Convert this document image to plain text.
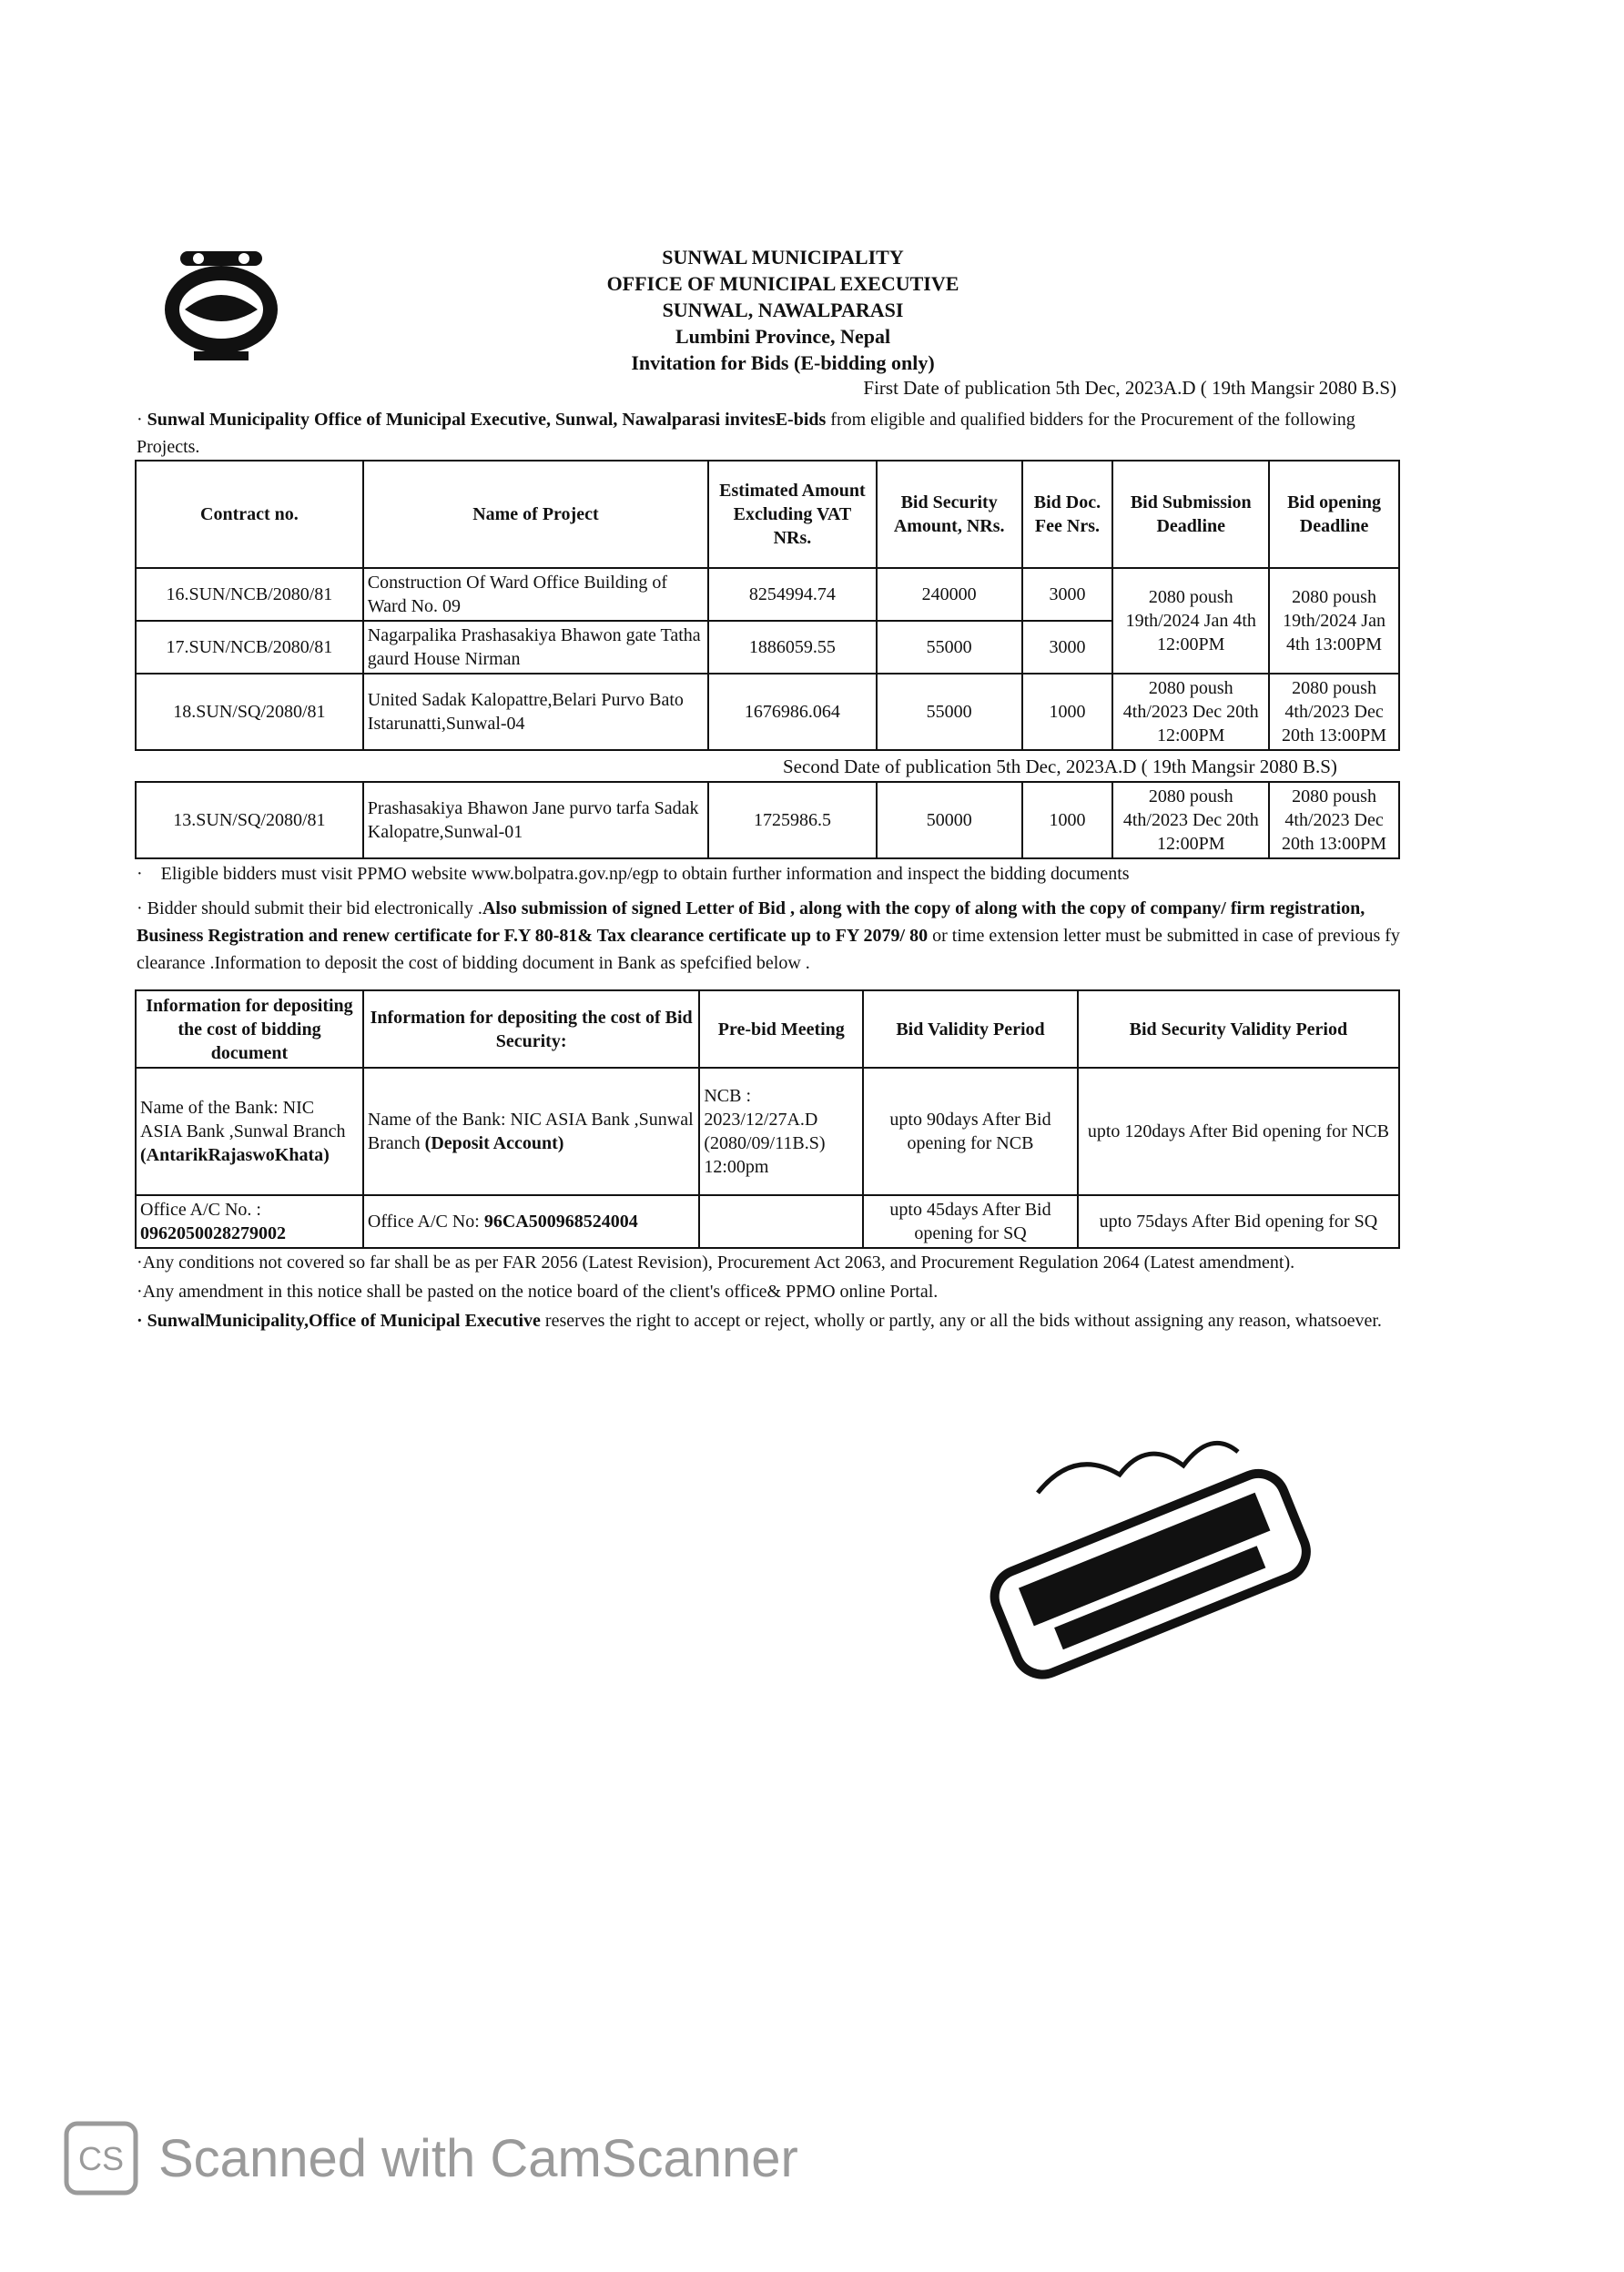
SUNWAL MUNICIPALITY
OFFICE OF MUNICIPAL EXECUTIVE
SUNWAL, NAWALPARASI
Lumbini Province, Nepal
Invitation for Bids (E-bidding only)
First Date of publication 5th Dec, 2023A.D ( 19th Mangsir 2080 B.S)
· Sunwal Municipality Office of Municipal Executive, Sunwal, Nawalparasi invitesE-bids from eligible and qualified bidders for the Procurement of the following Projects.
Contract no.	Name of Project	Estimated Amount Excluding VAT NRs.	Bid Security Amount, NRs.	Bid Doc. Fee Nrs.	Bid Submission Deadline	Bid opening Deadline
16.SUN/NCB/2080/81	Construction Of Ward Office Building of Ward No. 09	8254994.74	240000	3000	2080 poush 19th/2024 Jan 4th 12:00PM	2080 poush 19th/2024 Jan 4th 13:00PM
17.SUN/NCB/2080/81	Nagarpalika Prashasakiya Bhawon gate Tatha gaurd House Nirman	1886059.55	55000	3000		
18.SUN/SQ/2080/81	United Sadak Kalopattre,Belari Purvo Bato Istarunatti,Sunwal-04	1676986.064	55000	1000	2080 poush 4th/2023 Dec 20th 12:00PM	2080 poush 4th/2023 Dec 20th 13:00PM
Second Date of publication 5th Dec, 2023A.D ( 19th Mangsir 2080 B.S)
13.SUN/SQ/2080/81	Prashasakiya Bhawon Jane purvo tarfa Sadak Kalopatre,Sunwal-01	1725986.5	50000	1000	2080 poush 4th/2023 Dec 20th 12:00PM	2080 poush 4th/2023 Dec 20th 13:00PM

·    Eligible bidders must visit PPMO website www.bolpatra.gov.np/egp to obtain further information and inspect the bidding documents

· Bidder should submit their bid electronically .Also submission of signed Letter of Bid , along with the copy of along with the copy of company/ firm registration, Business Registration and renew certificate for F.Y 80-81& Tax clearance certificate up to FY 2079/ 80 or time extension letter must be submitted in case of previous fy clearance .Information to deposit the cost of bidding document in Bank as spefcified below .

Information for depositing the cost of bidding document	Information for depositing the cost of Bid Security:	Pre-bid Meeting	Bid Validity Period	Bid Security Validity Period
Name of the Bank: NIC ASIA Bank ,Sunwal Branch (AntarikRajaswoKhata)	Name of the Bank: NIC ASIA Bank ,Sunwal Branch (Deposit Account)	NCB : 2023/12/27A.D (2080/09/11B.S) 12:00pm	upto 90days After Bid opening for NCB	upto 120days After Bid opening for NCB
Office A/C No. : 0962050028279002	Office A/C No: 96CA500968524004		upto 45days After Bid opening for SQ	upto 75days After Bid opening for SQ

·Any conditions not covered so far shall be as per FAR 2056 (Latest Revision), Procurement Act 2063, and Procurement Regulation 2064 (Latest amendment).

·Any amendment in this notice shall be pasted on the notice board of the client's office& PPMO online Portal.

· SunwalMunicipality,Office of Municipal Executive reserves the right to accept or reject, wholly or partly, any or all the bids without assigning any reason, whatsoever.

CS Scanned with CamScanner
